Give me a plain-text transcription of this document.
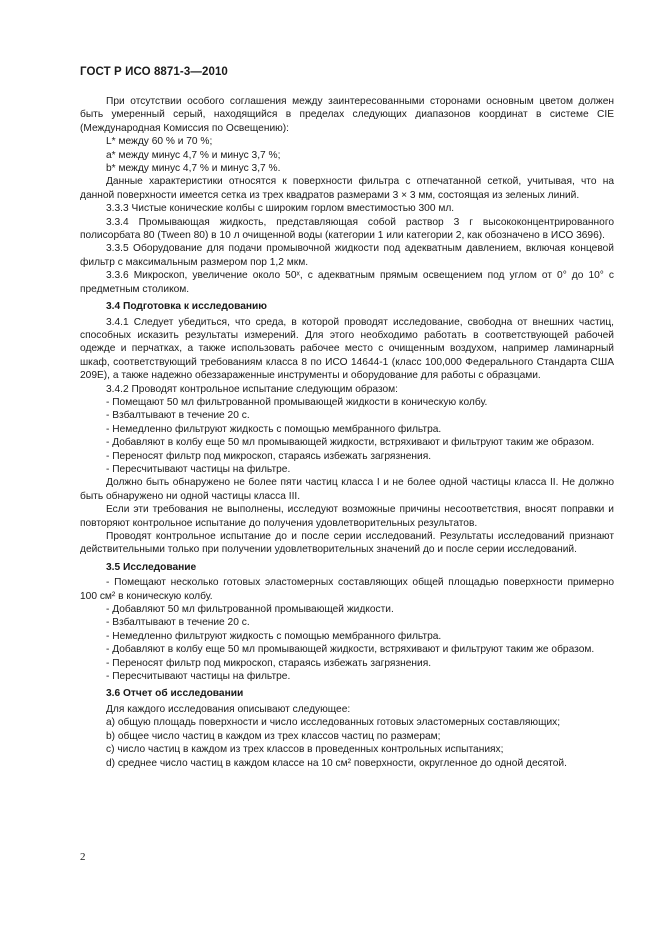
ГОСТ Р ИСО 8871-3—2010

При отсутствии особого соглашения между заинтересованными сторонами основным цветом должен быть умеренный серый, находящийся в пределах следующих диапазонов координат в системе CIE (Международная Комиссия по Освещению):

L* между 60 % и 70 %;

a* между минус 4,7 % и минус 3,7 %;

b* между минус 4,7 % и минус 3,7 %.

Данные характеристики относятся к поверхности фильтра с отпечатанной сеткой, учитывая, что на данной поверхности имеется сетка из трех квадратов размерами 3 × 3 мм, состоящая из зеленых линий.

3.3.3 Чистые конические колбы с широким горлом вместимостью 300 мл.

3.3.4 Промывающая жидкость, представляющая собой раствор 3 г высококонцентрированного полисорбата 80 (Tween 80) в 10 л очищенной воды (категории 1 или категории 2, как обозначено в ИСО 3696).

3.3.5 Оборудование для подачи промывочной жидкости под адекватным давлением, включая концевой фильтр с максимальным размером пор 1,2 мкм.

3.3.6 Микроскоп, увеличение около 50ˣ, с адекватным прямым освещением под углом от 0° до 10° с предметным столиком.

3.4 Подготовка к исследованию

3.4.1 Следует убедиться, что среда, в которой проводят исследование, свободна от внешних частиц, способных исказить результаты измерений. Для этого необходимо работать в соответствующей рабочей одежде и перчатках, а также использовать рабочее место с очищенным воздухом, например ламинарный шкаф, соответствующий требованиям класса 8 по ИСО 14644-1 (класс 100,000 Федерального Стандарта США 209E), а также надежно обеззараженные инструменты и оборудование для работы с образцами.

3.4.2 Проводят контрольное испытание следующим образом:

- Помещают 50 мл фильтрованной промывающей жидкости в коническую колбу.

- Взбалтывают в течение 20 с.

- Немедленно фильтруют жидкость с помощью мембранного фильтра.

- Добавляют в колбу еще 50 мл промывающей жидкости, встряхивают и фильтруют таким же образом.

- Переносят фильтр под микроскоп, стараясь избежать загрязнения.

- Пересчитывают частицы на фильтре.

Должно быть обнаружено не более пяти частиц класса I и не более одной частицы класса II. Не должно быть обнаружено ни одной частицы класса III.

Если эти требования не выполнены, исследуют возможные причины несоответствия, вносят поправки и повторяют контрольное испытание до получения удовлетворительных результатов.

Проводят контрольное испытание до и после серии исследований. Результаты исследований признают действительными только при получении удовлетворительных значений до и после серии исследований.

3.5 Исследование

- Помещают несколько готовых эластомерных составляющих общей площадью поверхности примерно 100 см² в коническую колбу.

- Добавляют 50 мл фильтрованной промывающей жидкости.

- Взбалтывают в течение 20 с.

- Немедленно фильтруют жидкость с помощью мембранного фильтра.

- Добавляют в колбу еще 50 мл промывающей жидкости, встряхивают и фильтруют таким же образом.

- Переносят фильтр под микроскоп, стараясь избежать загрязнения.

- Пересчитывают частицы на фильтре.

3.6 Отчет об исследовании

Для каждого исследования описывают следующее:

a) общую площадь поверхности и число исследованных готовых эластомерных составляющих;

b) общее число частиц в каждом из трех классов частиц по размерам;

c) число частиц в каждом из трех классов в проведенных контрольных испытаниях;

d) среднее число частиц в каждом классе на 10 см² поверхности, округленное до одной десятой.

2
